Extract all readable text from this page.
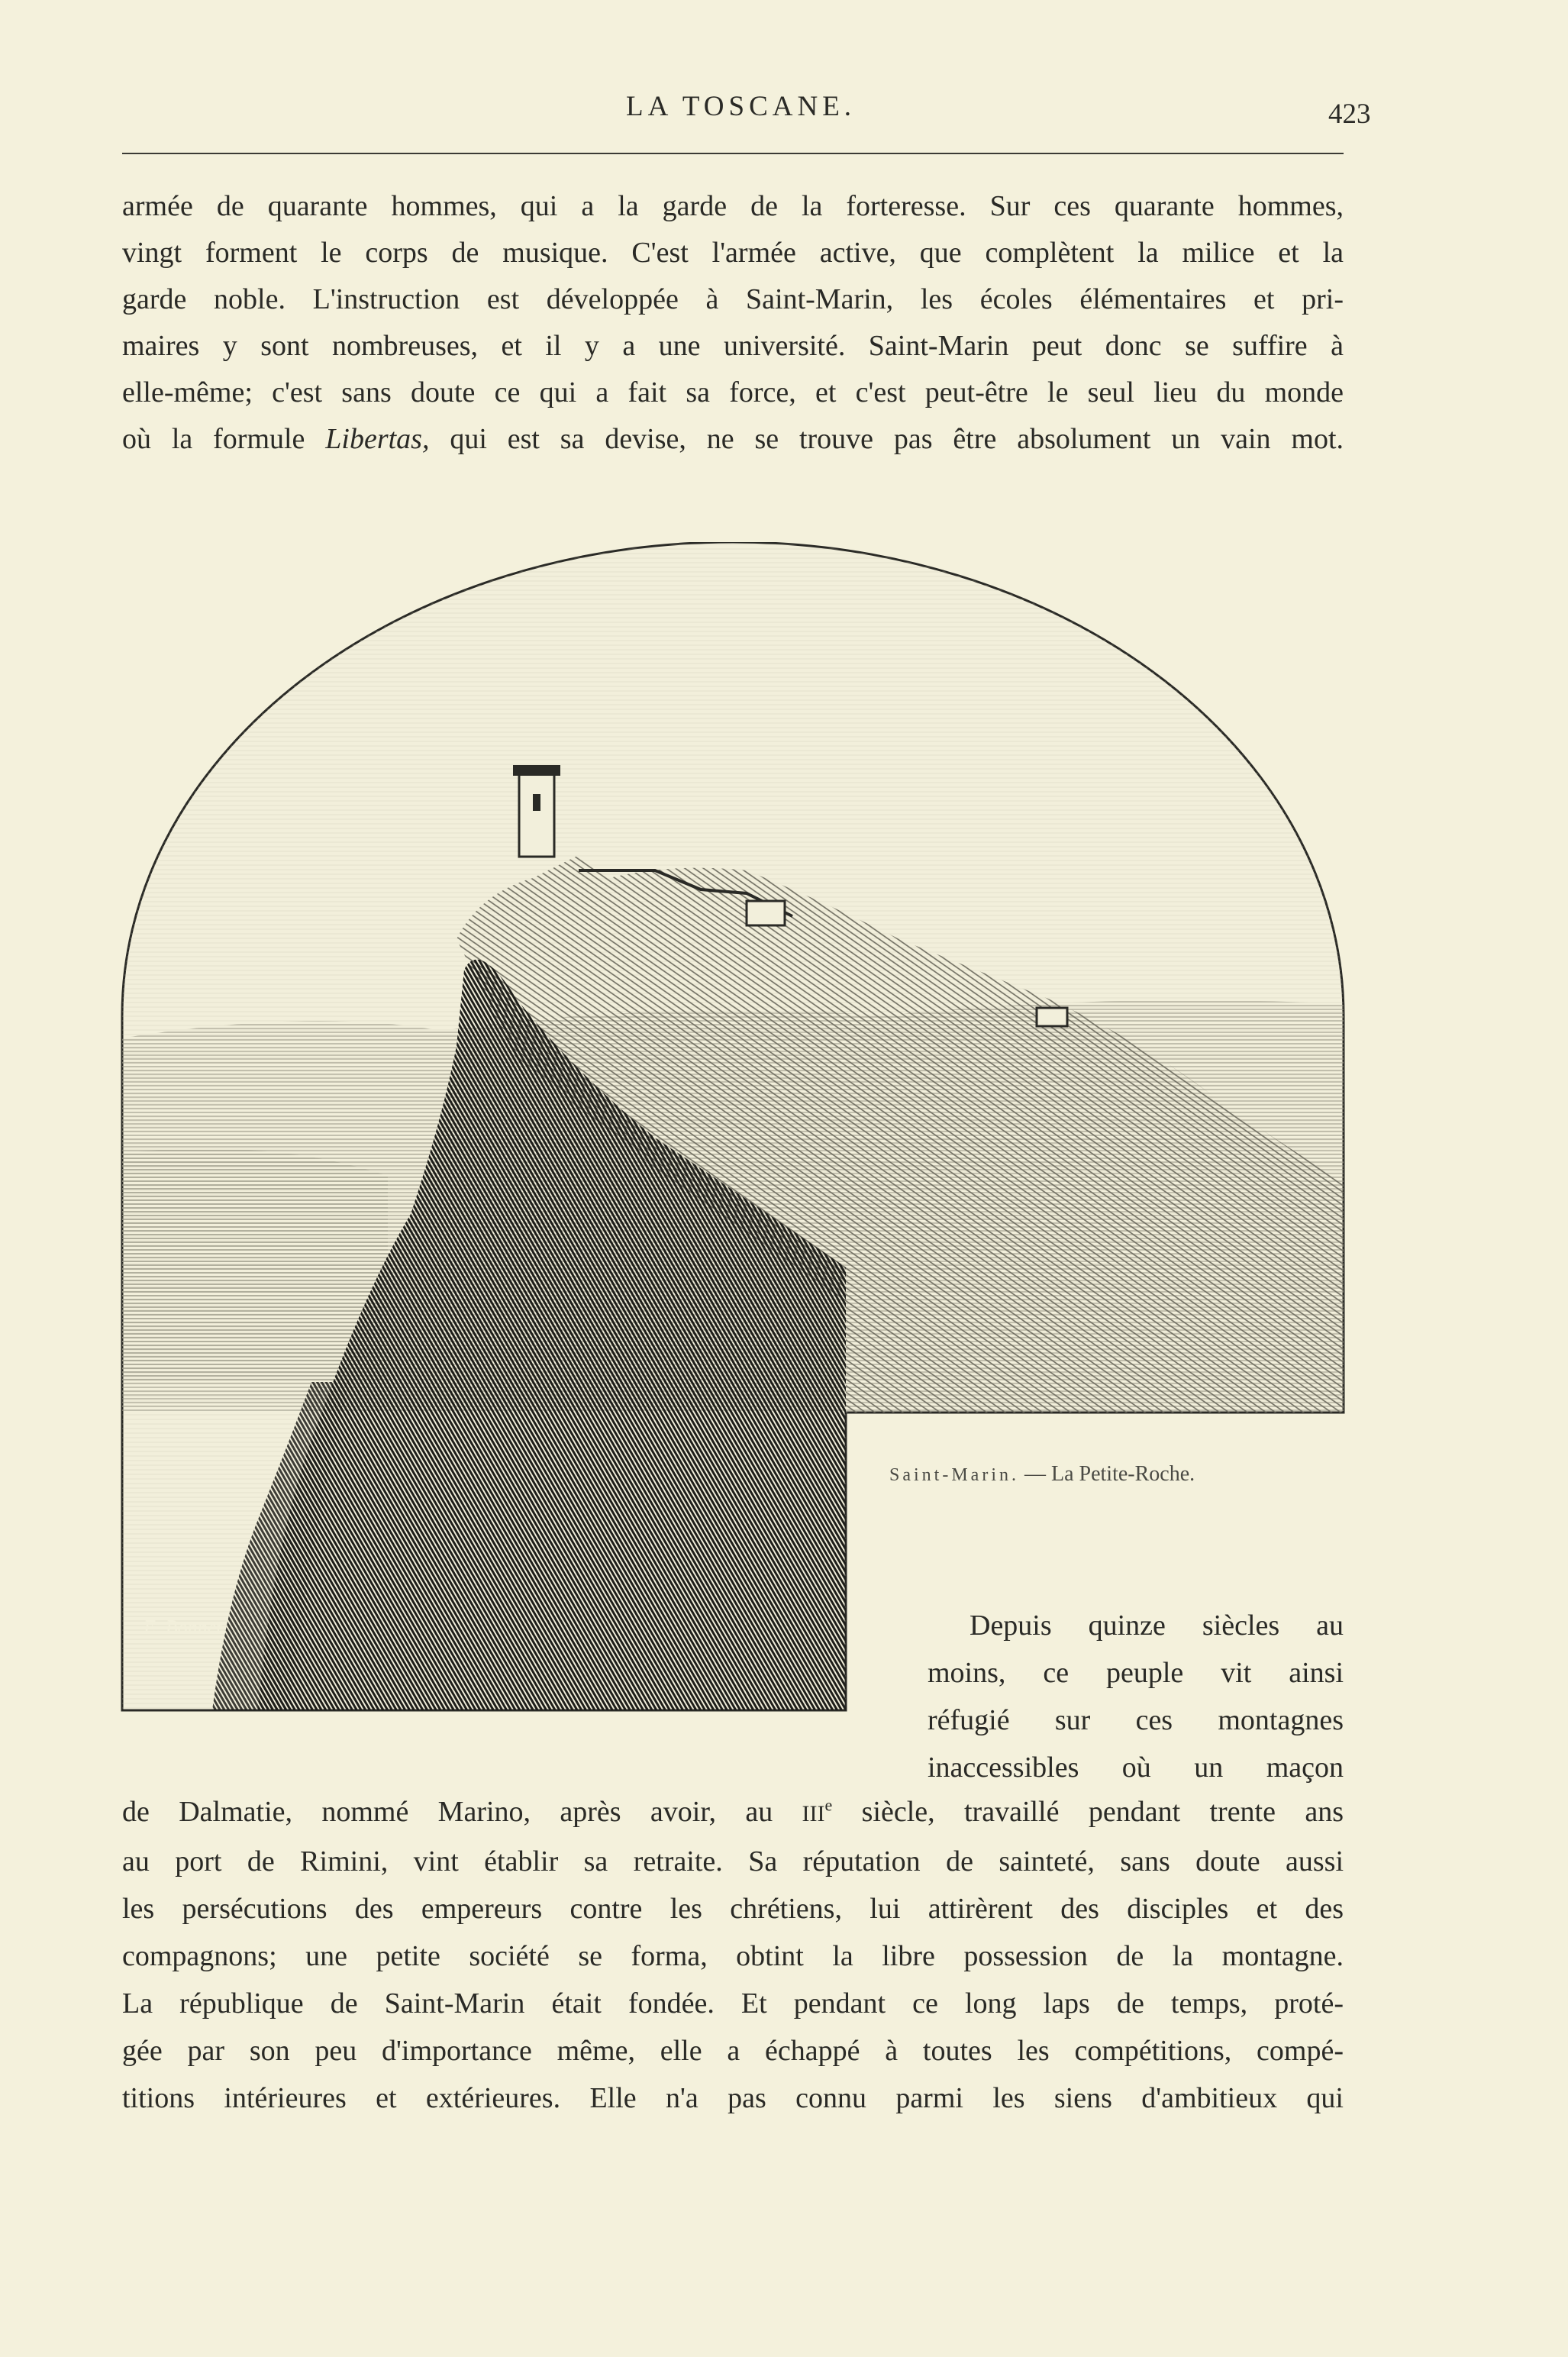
LA TOSCANE.	423
armée de quarante hommes, qui a la garde de la forteresse. Sur ces quarante hommes,
vingt forment le corps de musique. C'est l'armée active, que complètent la milice et la
garde noble. L'instruction est développée à Saint-Marin, les écoles élémentaires et pri-
maires y sont nombreuses, et il y a une université. Saint-Marin peut donc se suffire à
elle-même; c'est sans doute ce qui a fait sa force, et c'est peut-être le seul lieu du monde
où la formule Libertas, qui est sa devise, ne se trouve pas être absolument un vain mot.
E. Bonnet
Saint-Marin. — La Petite-Roche.
Depuis quinze siècles au
moins, ce peuple vit ainsi
réfugié sur ces montagnes
inaccessibles où un maçon
de Dalmatie, nommé Marino, après avoir, au IIIe siècle, travaillé pendant trente ans
au port de Rimini, vint établir sa retraite. Sa réputation de sainteté, sans doute aussi
les persécutions des empereurs contre les chrétiens, lui attirèrent des disciples et des
compagnons; une petite société se forma, obtint la libre possession de la montagne.
La république de Saint-Marin était fondée. Et pendant ce long laps de temps, proté-
gée par son peu d'importance même, elle a échappé à toutes les compétitions, compé-
titions intérieures et extérieures. Elle n'a pas connu parmi les siens d'ambitieux qui
